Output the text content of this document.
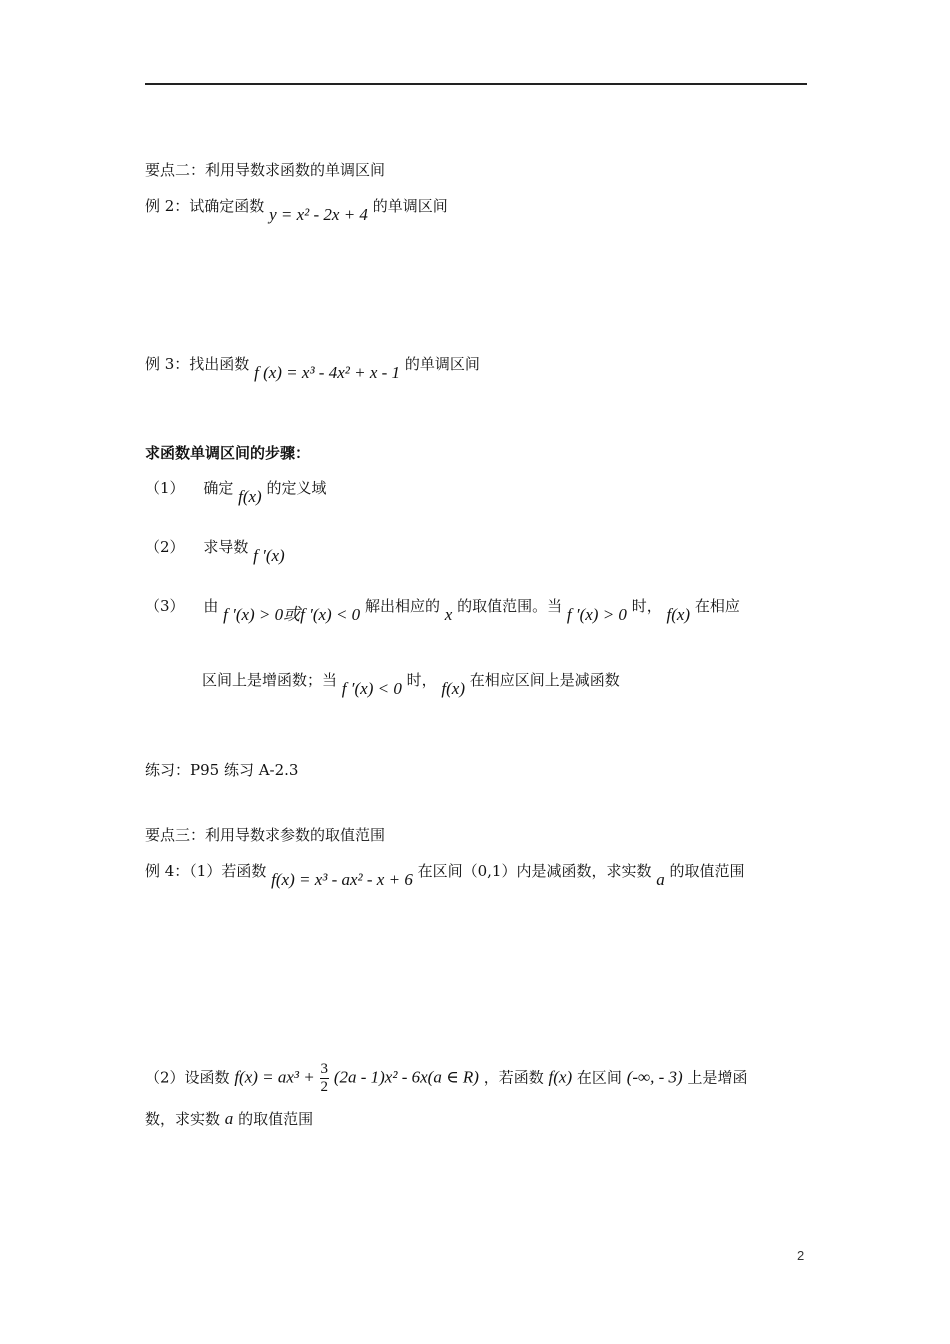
要点二：利用导数求函数的单调区间
例 2：试确定函数 y = x² - 2x + 4 的单调区间
例 3：找出函数 f (x) = x³ - 4x² + x - 1 的单调区间
求函数单调区间的步骤：
（1） 确定 f(x) 的定义域
（2） 求导数 f ′(x)
（3） 由 f ′(x) > 0或f ′(x) < 0 解出相应的 x 的取值范围。当 f ′(x) > 0 时， f(x) 在相应
区间上是增函数；当 f ′(x) < 0 时， f(x) 在相应区间上是减函数
练习：P95 练习 A-2.3
要点三：利用导数求参数的取值范围
例 4：（1）若函数 f(x) = x³ - ax² - x + 6 在区间（0,1）内是减函数，求实数 a 的取值范围
（2）设函数 $f(x) = ax^3 + \frac{3}{2} (2a - 1)x^2 - 6x(a$ ∈ R) ，若函数 f(x) 在区间 (-∞, - 3) 上是增函
数，求实数 a 的取值范围
2
